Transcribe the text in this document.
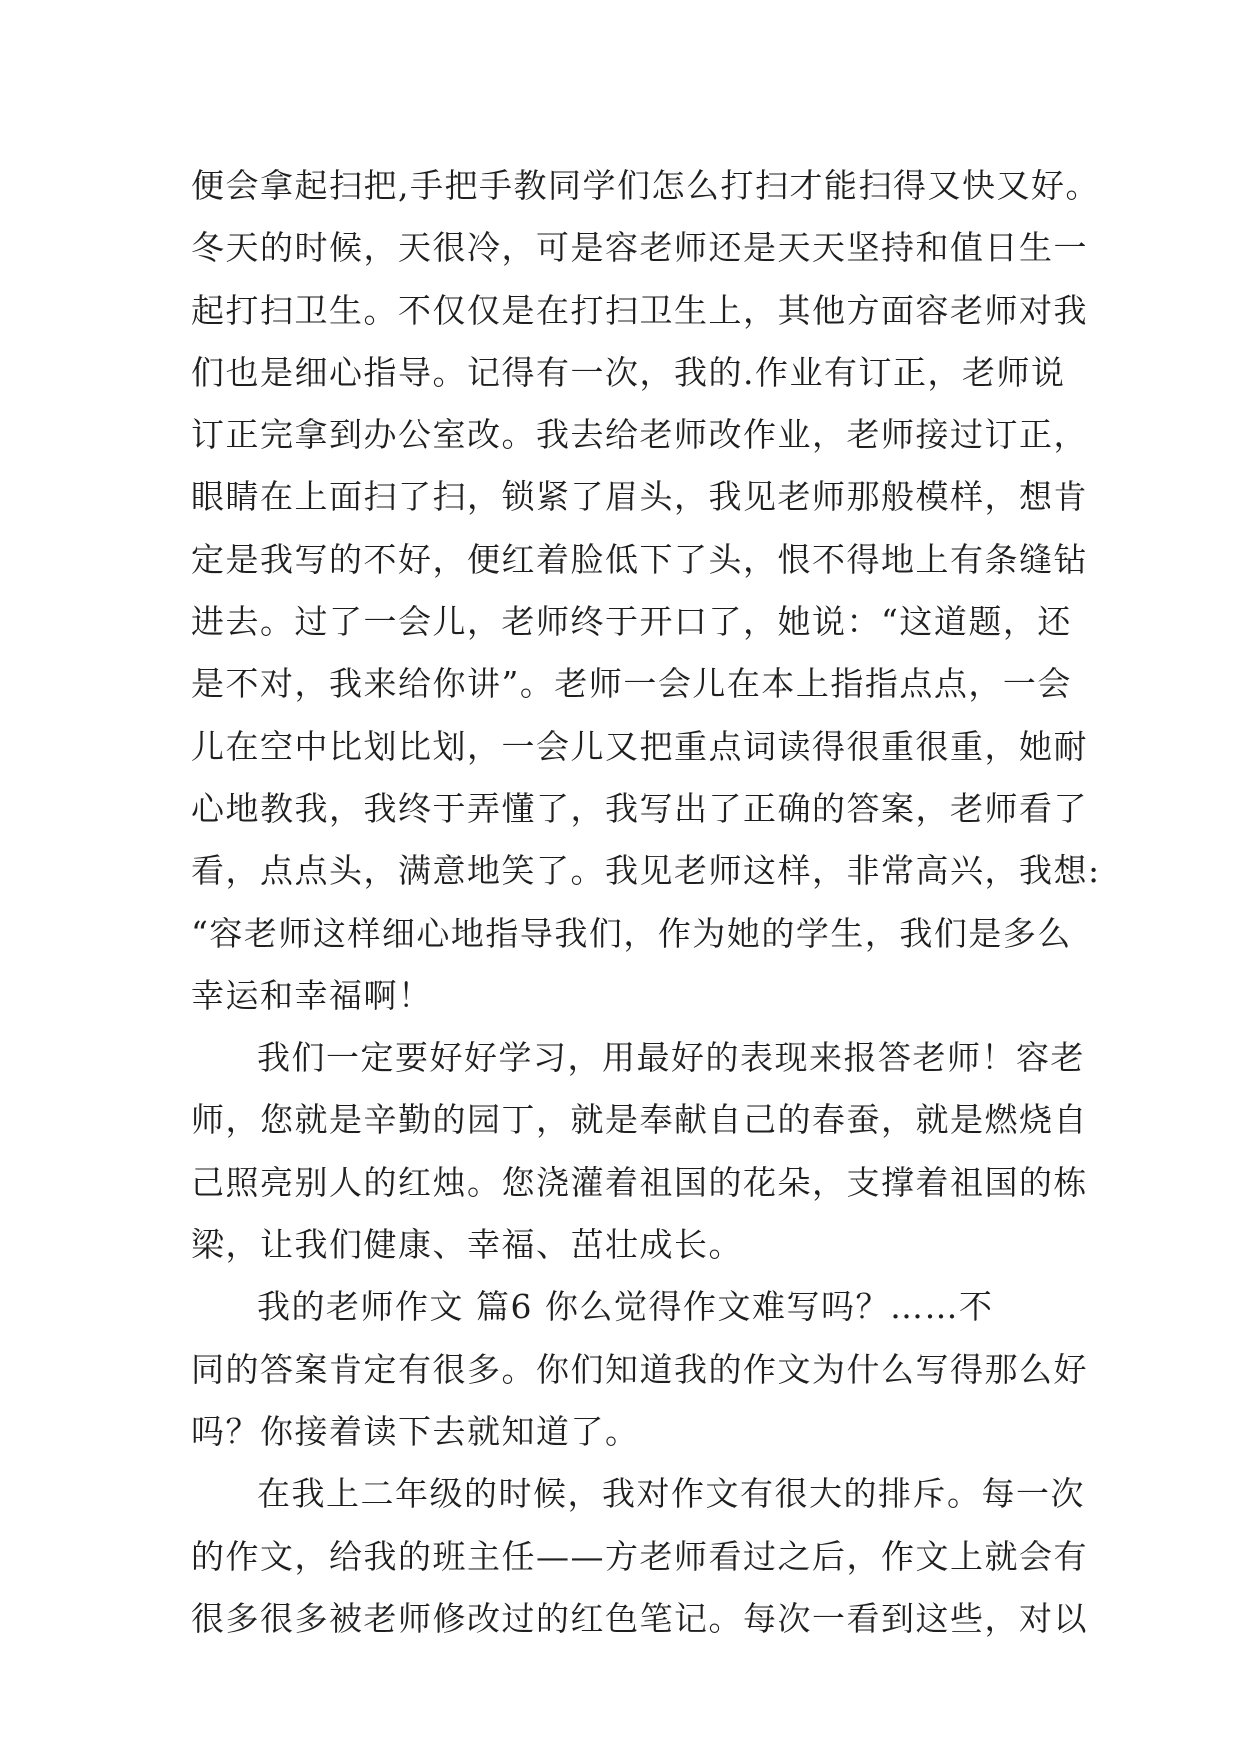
便会拿起扫把,手把手教同学们怎么打扫才能扫得又快又好。
冬天的时候，天很冷，可是容老师还是天天坚持和值日生一
起打扫卫生。不仅仅是在打扫卫生上，其他方面容老师对我
们也是细心指导。记得有一次，我的.作业有订正，老师说
订正完拿到办公室改。我去给老师改作业，老师接过订正，
眼睛在上面扫了扫，锁紧了眉头，我见老师那般模样，想肯
定是我写的不好，便红着脸低下了头，恨不得地上有条缝钻
进去。过了一会儿，老师终于开口了，她说：“这道题，还
是不对，我来给你讲”。老师一会儿在本上指指点点，一会
儿在空中比划比划，一会儿又把重点词读得很重很重，她耐
心地教我，我终于弄懂了，我写出了正确的答案，老师看了
看，点点头，满意地笑了。我见老师这样，非常高兴，我想:
“容老师这样细心地指导我们，作为她的学生，我们是多么
幸运和幸福啊！
我们一定要好好学习，用最好的表现来报答老师！容老
师，您就是辛勤的园丁，就是奉献自己的春蚕，就是燃烧自
己照亮别人的红烛。您浇灌着祖国的花朵，支撑着祖国的栋
梁，让我们健康、幸福、茁壮成长。
我的老师作文 篇6 你么觉得作文难写吗？……不
同的答案肯定有很多。你们知道我的作文为什么写得那么好
吗？你接着读下去就知道了。
在我上二年级的时候，我对作文有很大的排斥。每一次
的作文，给我的班主任——方老师看过之后，作文上就会有
很多很多被老师修改过的红色笔记。每次一看到这些，对以
